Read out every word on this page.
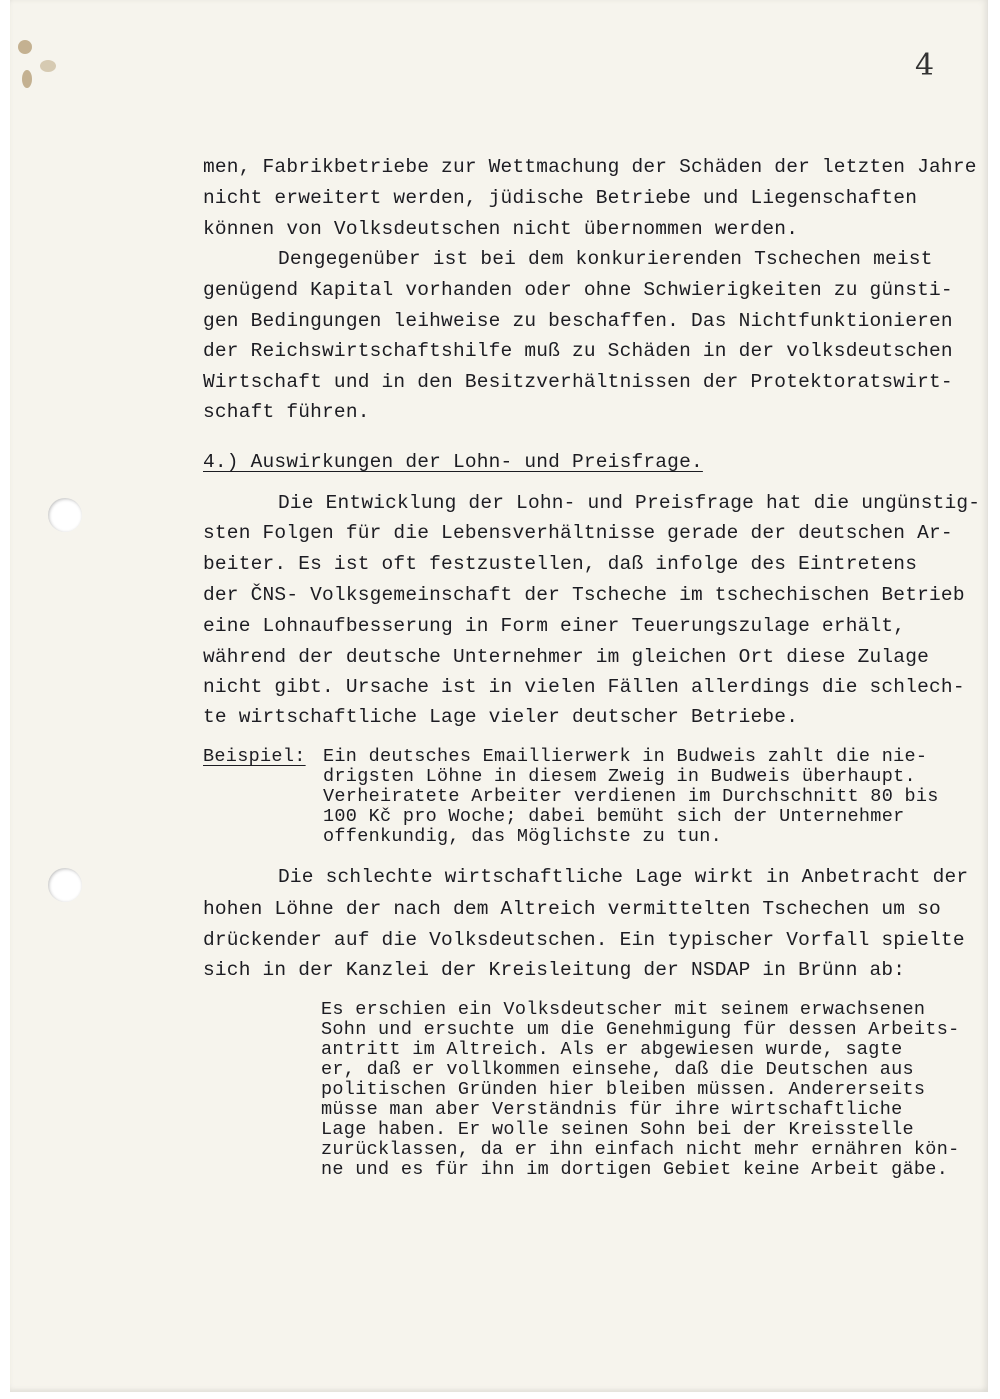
4
men, Fabrikbetriebe zur Wettmachung der Schäden der letzten Jahre
nicht erweitert werden, jüdische Betriebe und Liegenschaften
können von Volksdeutschen nicht übernommen werden.
Dengegenüber ist bei dem konkurierenden Tschechen meist
genügend Kapital vorhanden oder ohne Schwierigkeiten zu günsti-
gen Bedingungen leihweise zu beschaffen. Das Nichtfunktionieren
der Reichswirtschaftshilfe muß zu Schäden in der volksdeutschen
Wirtschaft und in den Besitzverhältnissen der Protektoratswirt-
schaft führen.
4.) Auswirkungen der Lohn- und Preisfrage.
Die Entwicklung der Lohn- und Preisfrage hat die ungünstig-
sten Folgen für die Lebensverhältnisse gerade der deutschen Ar-
beiter. Es ist oft festzustellen, daß infolge des Eintretens
der ČNS- Volksgemeinschaft der Tscheche im tschechischen Betrieb
eine Lohnaufbesserung in Form einer Teuerungszulage erhält,
während der deutsche Unternehmer im gleichen Ort diese Zulage
nicht gibt. Ursache ist in vielen Fällen allerdings die schlech-
te wirtschaftliche Lage vieler deutscher Betriebe.
Beispiel: Ein deutsches Emaillierwerk in Budweis zahlt die nie-
drigsten Löhne in diesem Zweig in Budweis überhaupt.
Verheiratete Arbeiter verdienen im Durchschnitt 80 bis
100 Kč pro Woche; dabei bemüht sich der Unternehmer
offenkundig, das Möglichste zu tun.
Die schlechte wirtschaftliche Lage wirkt in Anbetracht der
hohen Löhne der nach dem Altreich vermittelten Tschechen um so
drückender auf die Volksdeutschen. Ein typischer Vorfall spielte
sich in der Kanzlei der Kreisleitung der NSDAP in Brünn ab:
Es erschien ein Volksdeutscher mit seinem erwachsenen
Sohn und ersuchte um die Genehmigung für dessen Arbeits-
antritt im Altreich. Als er abgewiesen wurde, sagte
er, daß er vollkommen einsehe, daß die Deutschen aus
politischen Gründen hier bleiben müssen. Andererseits
müsse man aber Verständnis für ihre wirtschaftliche
Lage haben. Er wolle seinen Sohn bei der Kreisstelle
zurücklassen, da er ihn einfach nicht mehr ernähren kön-
ne und es für ihn im dortigen Gebiet keine Arbeit gäbe.
